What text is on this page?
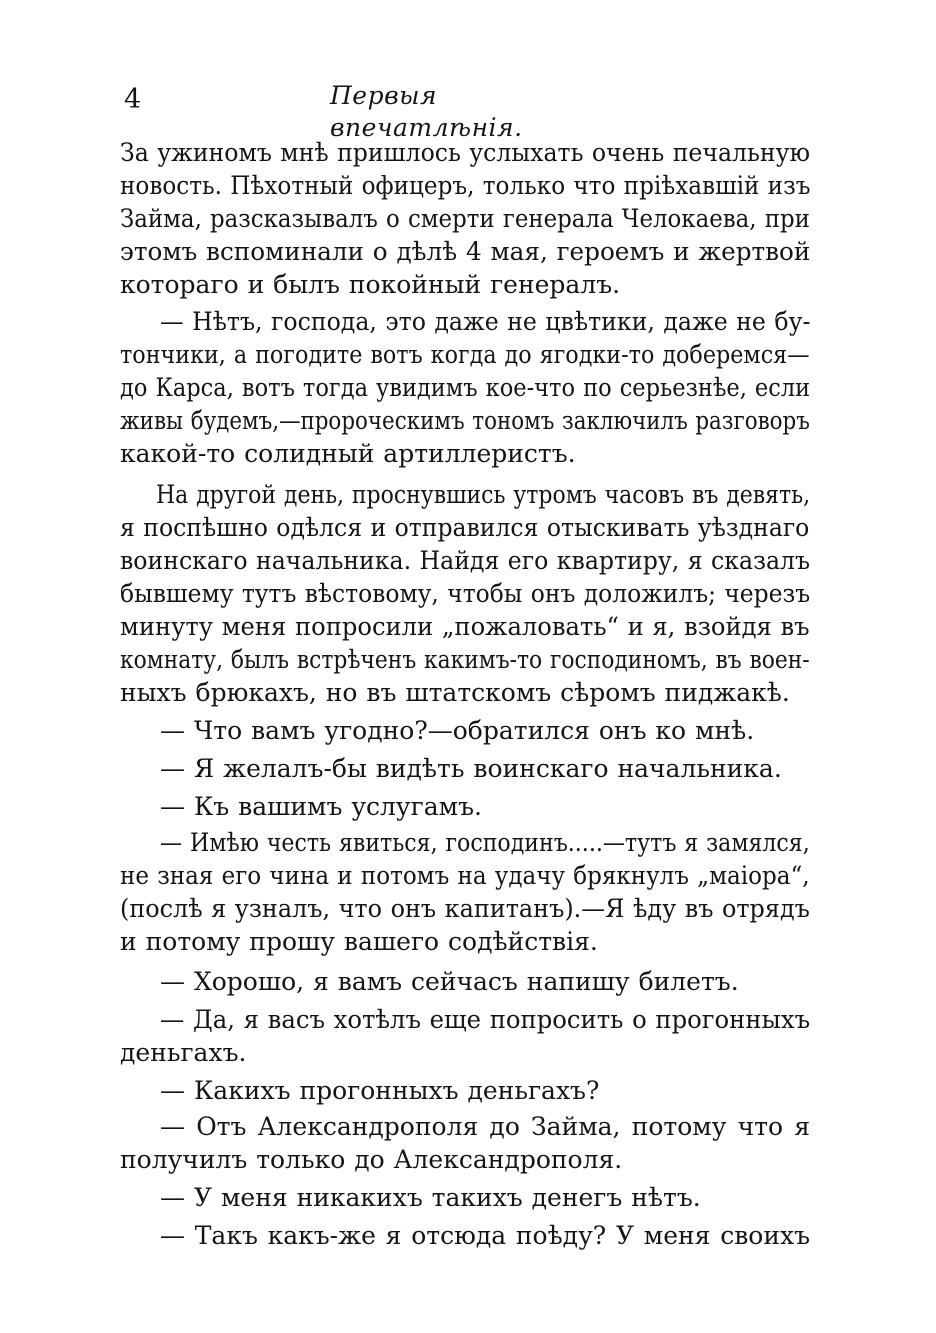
4	Первыя впечатлѣнія.
За ужиномъ мнѣ пришлось услыхать очень печальную
новость. Пѣхотный офицеръ, только что пріѣхавшій изъ
Займа, разсказывалъ о смерти генерала Челокаева, при
этомъ вспоминали о дѣлѣ 4 мая, героемъ и жертвой
котораго и былъ покойный генералъ.
— Нѣтъ, господа, это даже не цвѣтики, даже не бу-
тончики, а погодите вотъ когда до ягодки-то доберемся—
до Карса, вотъ тогда увидимъ кое-что по серьезнѣе, если
живы будемъ,—пророческимъ тономъ заключилъ разговоръ
какой-то солидный артиллеристъ.
На другой день, проснувшись утромъ часовъ въ девять,
я поспѣшно одѣлся и отправился отыскивать уѣзднаго
воинскаго начальника. Найдя его квартиру, я сказалъ
бывшему тутъ вѣстовому, чтобы онъ доложилъ; черезъ
минуту меня попросили „пожаловать“ и я, взойдя въ
комнату, былъ встрѣченъ какимъ-то господиномъ, въ воен-
ныхъ брюкахъ, но въ штатскомъ сѣромъ пиджакѣ.
— Что вамъ угодно?—обратился онъ ко мнѣ.
— Я желалъ-бы видѣть воинскаго начальника.
— Къ вашимъ услугамъ.
— Имѣю честь явиться, господинъ.....—тутъ я замялся,
не зная его чина и потомъ на удачу брякнулъ „маіора“,
(послѣ я узналъ, что онъ капитанъ).—Я ѣду въ отрядъ
и потому прошу вашего содѣйствія.
— Хорошо, я вамъ сейчасъ напишу билетъ.
— Да, я васъ хотѣлъ еще попросить о прогонныхъ
деньгахъ.
— Какихъ прогонныхъ деньгахъ?
— Отъ Александрополя до Займа, потому что я
получилъ только до Александрополя.
— У меня никакихъ такихъ денегъ нѣтъ.
— Такъ какъ-же я отсюда поѣду? У меня своихъ
